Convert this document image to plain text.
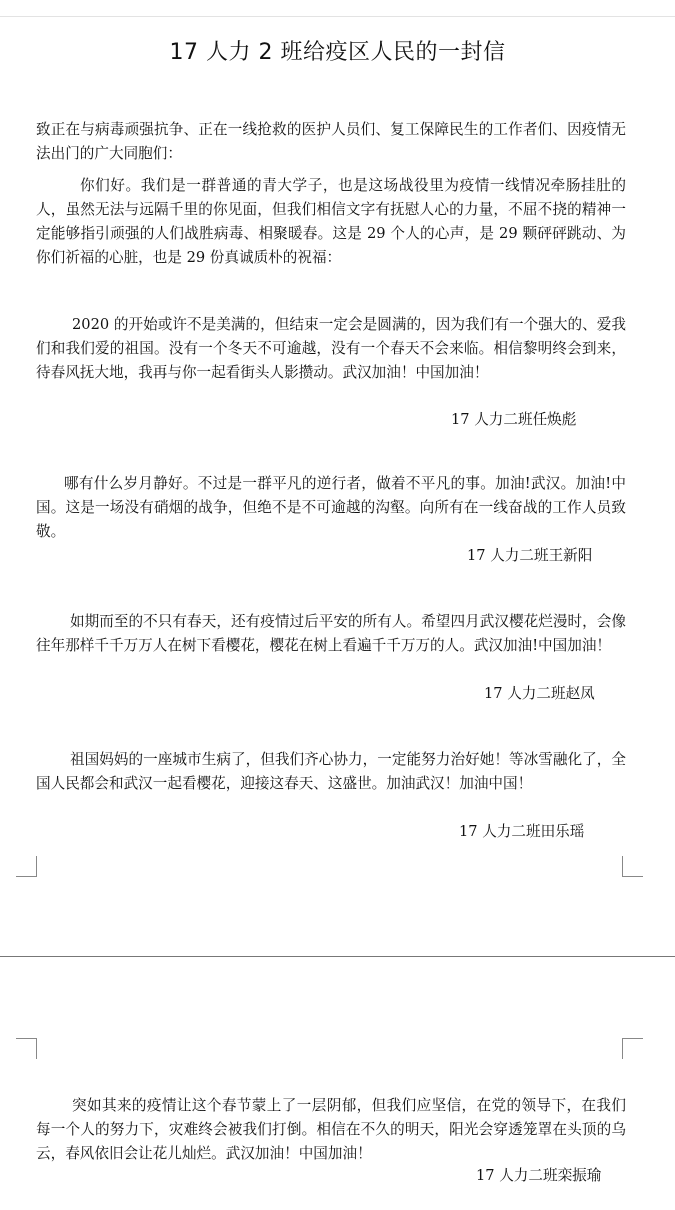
17 人力 2 班给疫区人民的一封信

致正在与病毒顽强抗争、正在一线抢救的医护人员们、复工保障民生的工作者们、因疫情无法出门的广大同胞们：

你们好。我们是一群普通的青大学子，也是这场战役里为疫情一线情况牵肠挂肚的人，虽然无法与远隔千里的你见面，但我们相信文字有抚慰人心的力量，不屈不挠的精神一定能够指引顽强的人们战胜病毒、相聚暖春。这是 29 个人的心声，是 29 颗砰砰跳动、为你们祈福的心脏，也是 29 份真诚质朴的祝福：

2020 的开始或许不是美满的，但结束一定会是圆满的，因为我们有一个强大的、爱我们和我们爱的祖国。没有一个冬天不可逾越，没有一个春天不会来临。相信黎明终会到来，待春风抚大地，我再与你一起看街头人影攒动。武汉加油！中国加油！

17 人力二班任焕彪

哪有什么岁月静好。不过是一群平凡的逆行者，做着不平凡的事。加油!武汉。加油!中国。这是一场没有硝烟的战争，但绝不是不可逾越的沟壑。向所有在一线奋战的工作人员致敬。

17 人力二班王新阳

如期而至的不只有春天，还有疫情过后平安的所有人。希望四月武汉樱花烂漫时，会像往年那样千千万万人在树下看樱花，樱花在树上看遍千千万万的人。武汉加油!中国加油！

17 人力二班赵凤

祖国妈妈的一座城市生病了，但我们齐心协力，一定能努力治好她！等冰雪融化了，全国人民都会和武汉一起看樱花，迎接这春天、这盛世。加油武汉！加油中国！

17 人力二班田乐瑶

突如其来的疫情让这个春节蒙上了一层阴郁，但我们应坚信，在党的领导下，在我们每一个人的努力下，灾难终会被我们打倒。相信在不久的明天，阳光会穿透笼罩在头顶的乌云，春风依旧会让花儿灿烂。武汉加油！中国加油！

17 人力二班栾振瑜
